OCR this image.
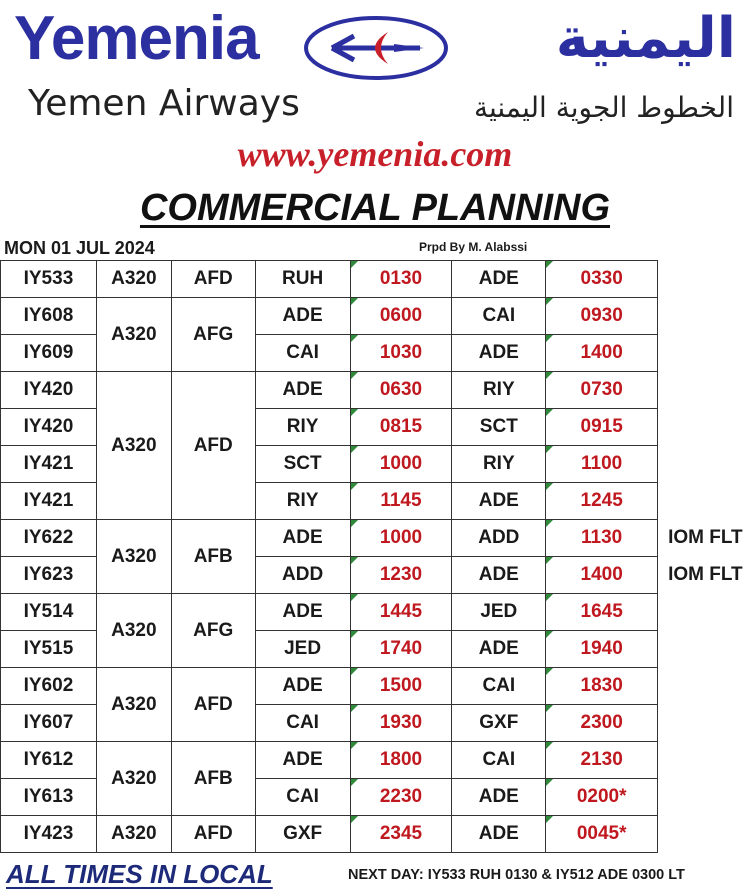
Yemenia
Yemen Airways
اليمنية
الخطوط الجوية اليمنية
www.yemenia.com
COMMERCIAL PLANNING
MON 01 JUL 2024	Prpd By M. Alabssi
IY533	A320	AFD	RUH	0130	ADE	0330	
IY608	A320	AFG	ADE	0600	CAI	0930	
IY609			CAI	1030	ADE	1400	
IY420	A320	AFD	ADE	0630	RIY	0730	
IY420			RIY	0815	SCT	0915	
IY421			SCT	1000	RIY	1100	
IY421			RIY	1145	ADE	1245	
IY622	A320	AFB	ADE	1000	ADD	1130	IOM FLT
IY623			ADD	1230	ADE	1400	IOM FLT
IY514	A320	AFG	ADE	1445	JED	1645	
IY515			JED	1740	ADE	1940	
IY602	A320	AFD	ADE	1500	CAI	1830	
IY607			CAI	1930	GXF	2300	
IY612	A320	AFB	ADE	1800	CAI	2130	
IY613			CAI	2230	ADE	0200*	
IY423	A320	AFD	GXF	2345	ADE	0045*	
ALL TIMES IN LOCAL	NEXT DAY: IY533 RUH 0130 & IY512 ADE 0300 LT
